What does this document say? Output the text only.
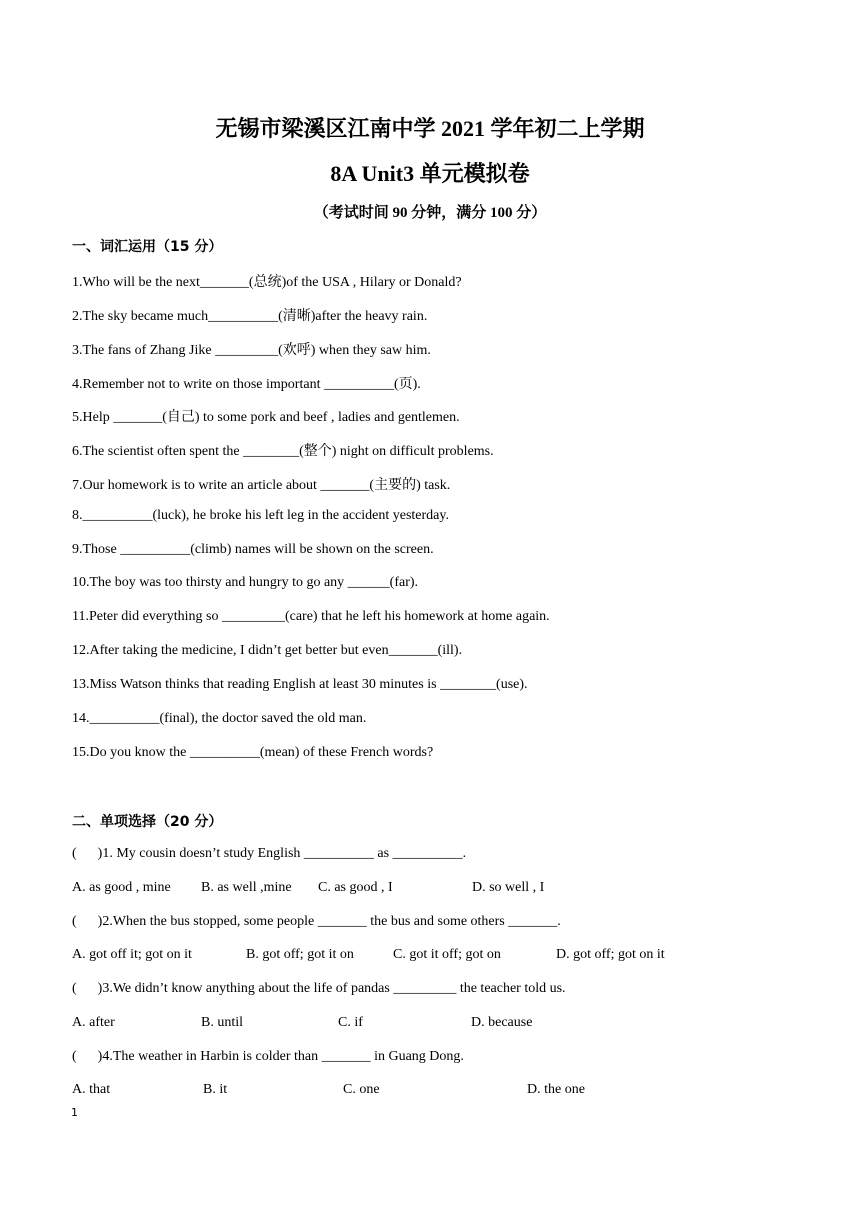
无锡市梁溪区江南中学 2021 学年初二上学期
8A Unit3 单元模拟卷
（考试时间 90 分钟，满分 100 分）
一、词汇运用（15 分）
1.Who will be the next_______(总统)of the USA , Hilary or Donald?
2.The sky became much__________(清晰)after the heavy rain.
3.The fans of Zhang Jike _________(欢呼) when they saw him.
4.Remember not to write on those important __________(页).
5.Help _______(自己) to some pork and beef , ladies and gentlemen.
6.The scientist often spent the ________(整个) night on difficult problems.
7.Our homework is to write an article about _______(主要的) task.
8.__________(luck), he broke his left leg in the accident yesterday.
9.Those __________(climb) names will be shown on the screen.
10.The boy was too thirsty and hungry to go any ______(far).
11.Peter did everything so _________(care) that he left his homework at home again.
12.After taking the medicine, I didn’t get better but even_______(ill).
13.Miss Watson thinks that reading English at least 30 minutes is ________(use).
14.__________(final), the doctor saved the old man.
15.Do you know the __________(mean) of these French words?
二、单项选择（20 分）
(      )1. My cousin doesn’t study English __________ as __________.
A. as good , mine B. as well ,mine C. as good , I	D. so well , I
(      )2.When the bus stopped, some people _______ the bus and some others _______.
A. got off it; got on it	B. got off; got it on	C. got it off; got on	D. got off; got on it
(      )3.We didn’t know anything about the life of pandas _________ the teacher told us.
A. after	B. until	C. if	D. because
(      )4.The weather in Harbin is colder than _______ in Guang Dong.
A. that	B. it	C. one	D. the one
1
